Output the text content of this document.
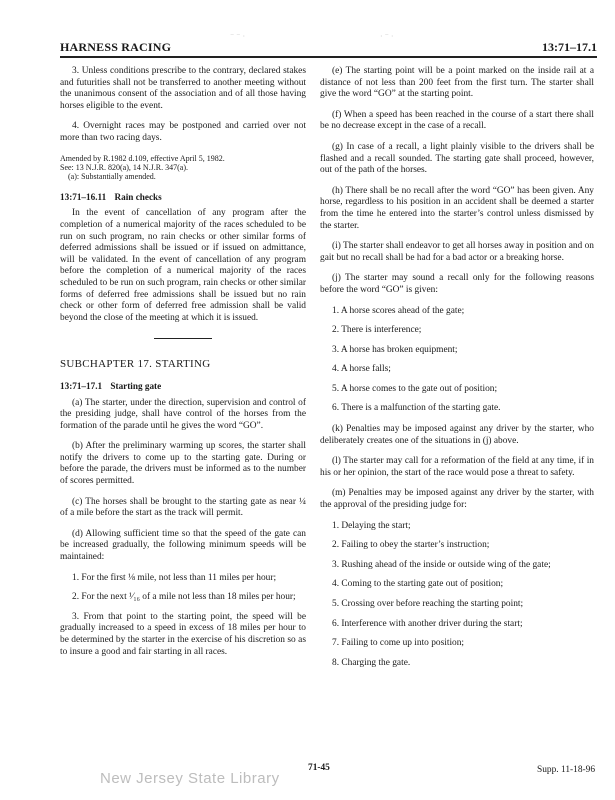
⁻ ⁻ ·	· ⁻ ·
HARNESS RACING	13:71–17.1

3. Unless conditions prescribe to the contrary, declared stakes and futurities shall not be transferred to another meeting without the unanimous consent of the association and of all those having horses eligible to the event.

4. Overnight races may be postponed and carried over not more than two racing days.

Amended by R.1982 d.109, effective April 5, 1982.
See: 13 N.J.R. 820(a), 14 N.J.R. 347(a).
(a): Substantially amended.
13:71–16.11 Rain checks

In the event of cancellation of any program after the completion of a numerical majority of the races scheduled to be run on such program, no rain checks or other similar forms of deferred admissions shall be issued or if issued on admittance, will be validated. In the event of cancellation of any program before the completion of a numerical majority of the races scheduled to be run on such program, rain checks or other similar forms of deferred free admissions shall be issued but no rain check or other form of deferred free admission shall be valid beyond the close of the meeting at which it is issued.

SUBCHAPTER 17. STARTING
13:71–17.1 Starting gate

(a) The starter, under the direction, supervision and control of the presiding judge, shall have control of the horses from the formation of the parade until he gives the word “GO”.

(b) After the preliminary warming up scores, the starter shall notify the drivers to come up to the starting gate. During or before the parade, the drivers must be informed as to the number of scores permitted.

(c) The horses shall be brought to the starting gate as near ¼ of a mile before the start as the track will permit.

(d) Allowing sufficient time so that the speed of the gate can be increased gradually, the following minimum speeds will be maintained:

1. For the first ⅛ mile, not less than 11 miles per hour;
2. For the next ¹⁄₁₆ of a mile not less than 18 miles per hour;
3. From that point to the starting point, the speed will be gradually increased to a speed in excess of 18 miles per hour to be determined by the starter in the exercise of his discretion so as to insure a good and fair starting in all races.

(e) The starting point will be a point marked on the inside rail at a distance of not less than 200 feet from the first turn. The starter shall give the word “GO” at the starting point.

(f) When a speed has been reached in the course of a start there shall be no decrease except in the case of a recall.

(g) In case of a recall, a light plainly visible to the drivers shall be flashed and a recall sounded. The starting gate shall proceed, however, out of the path of the horses.

(h) There shall be no recall after the word “GO” has been given. Any horse, regardless to his position in an accident shall be deemed a starter from the time he entered into the starter’s control unless dismissed by the starter.

(i) The starter shall endeavor to get all horses away in position and on gait but no recall shall be had for a bad actor or a breaking horse.

(j) The starter may sound a recall only for the following reasons before the word “GO” is given:

1. A horse scores ahead of the gate;
2. There is interference;
3. A horse has broken equipment;
4. A horse falls;
5. A horse comes to the gate out of position;
6. There is a malfunction of the starting gate.

(k) Penalties may be imposed against any driver by the starter, who deliberately creates one of the situations in (j) above.

(l) The starter may call for a reformation of the field at any time, if in his or her opinion, the start of the race would pose a threat to safety.

(m) Penalties may be imposed against any driver by the starter, with the approval of the presiding judge for:

1. Delaying the start;
2. Failing to obey the starter’s instruction;
3. Rushing ahead of the inside or outside wing of the gate;
4. Coming to the starting gate out of position;
5. Crossing over before reaching the starting point;
6. Interference with another driver during the start;
7. Failing to come up into position;
8. Charging the gate.
New Jersey State Library
71-45	Supp. 11-18-96
